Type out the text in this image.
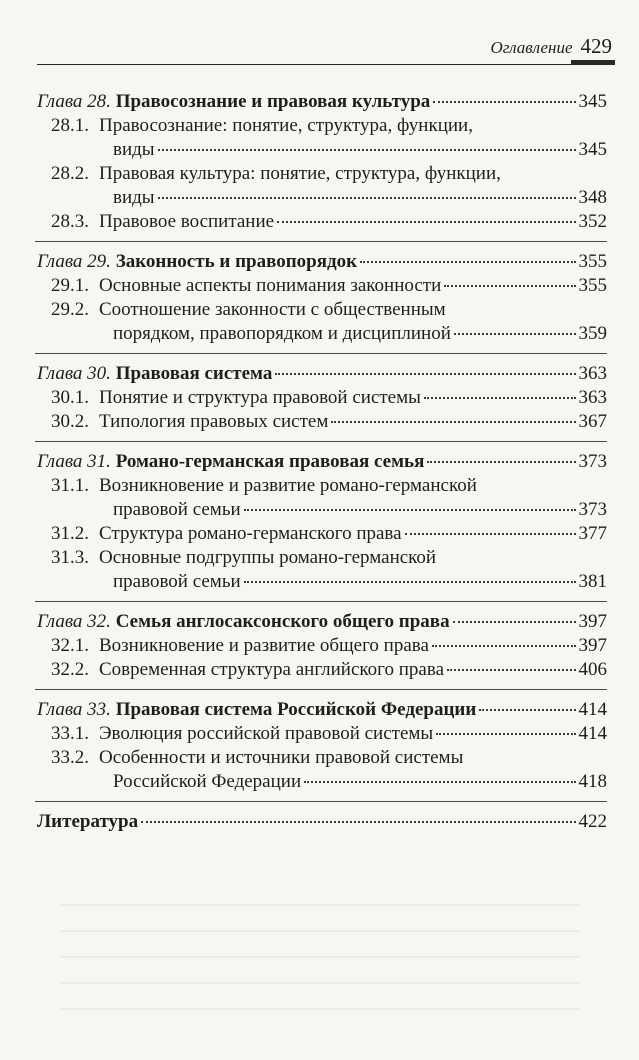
Оглавление 429
Глава 28. Правосознание и правовая культура	345
28.1. Правосознание: понятие, структура, функции,
виды	345
28.2. Правовая культура: понятие, структура, функции,
виды	348
28.3. Правовое воспитание	352
Глава 29. Законность и правопорядок	355
29.1. Основные аспекты понимания законности	355
29.2. Соотношение законности с общественным
порядком, правопорядком и дисциплиной	359
Глава 30. Правовая система	363
30.1. Понятие и структура правовой системы	363
30.2. Типология правовых систем	367
Глава 31. Романо-германская правовая семья	373
31.1. Возникновение и развитие романо-германской
правовой семьи	373
31.2. Структура романо-германского права	377
31.3. Основные подгруппы романо-германской
правовой семьи	381
Глава 32. Семья англосаксонского общего права	397
32.1. Возникновение и развитие общего права	397
32.2. Современная структура английского права	406
Глава 33. Правовая система Российской Федерации	414
33.1. Эволюция российской правовой системы	414
33.2. Особенности и источники правовой системы
Российской Федерации	418
Литература	422
